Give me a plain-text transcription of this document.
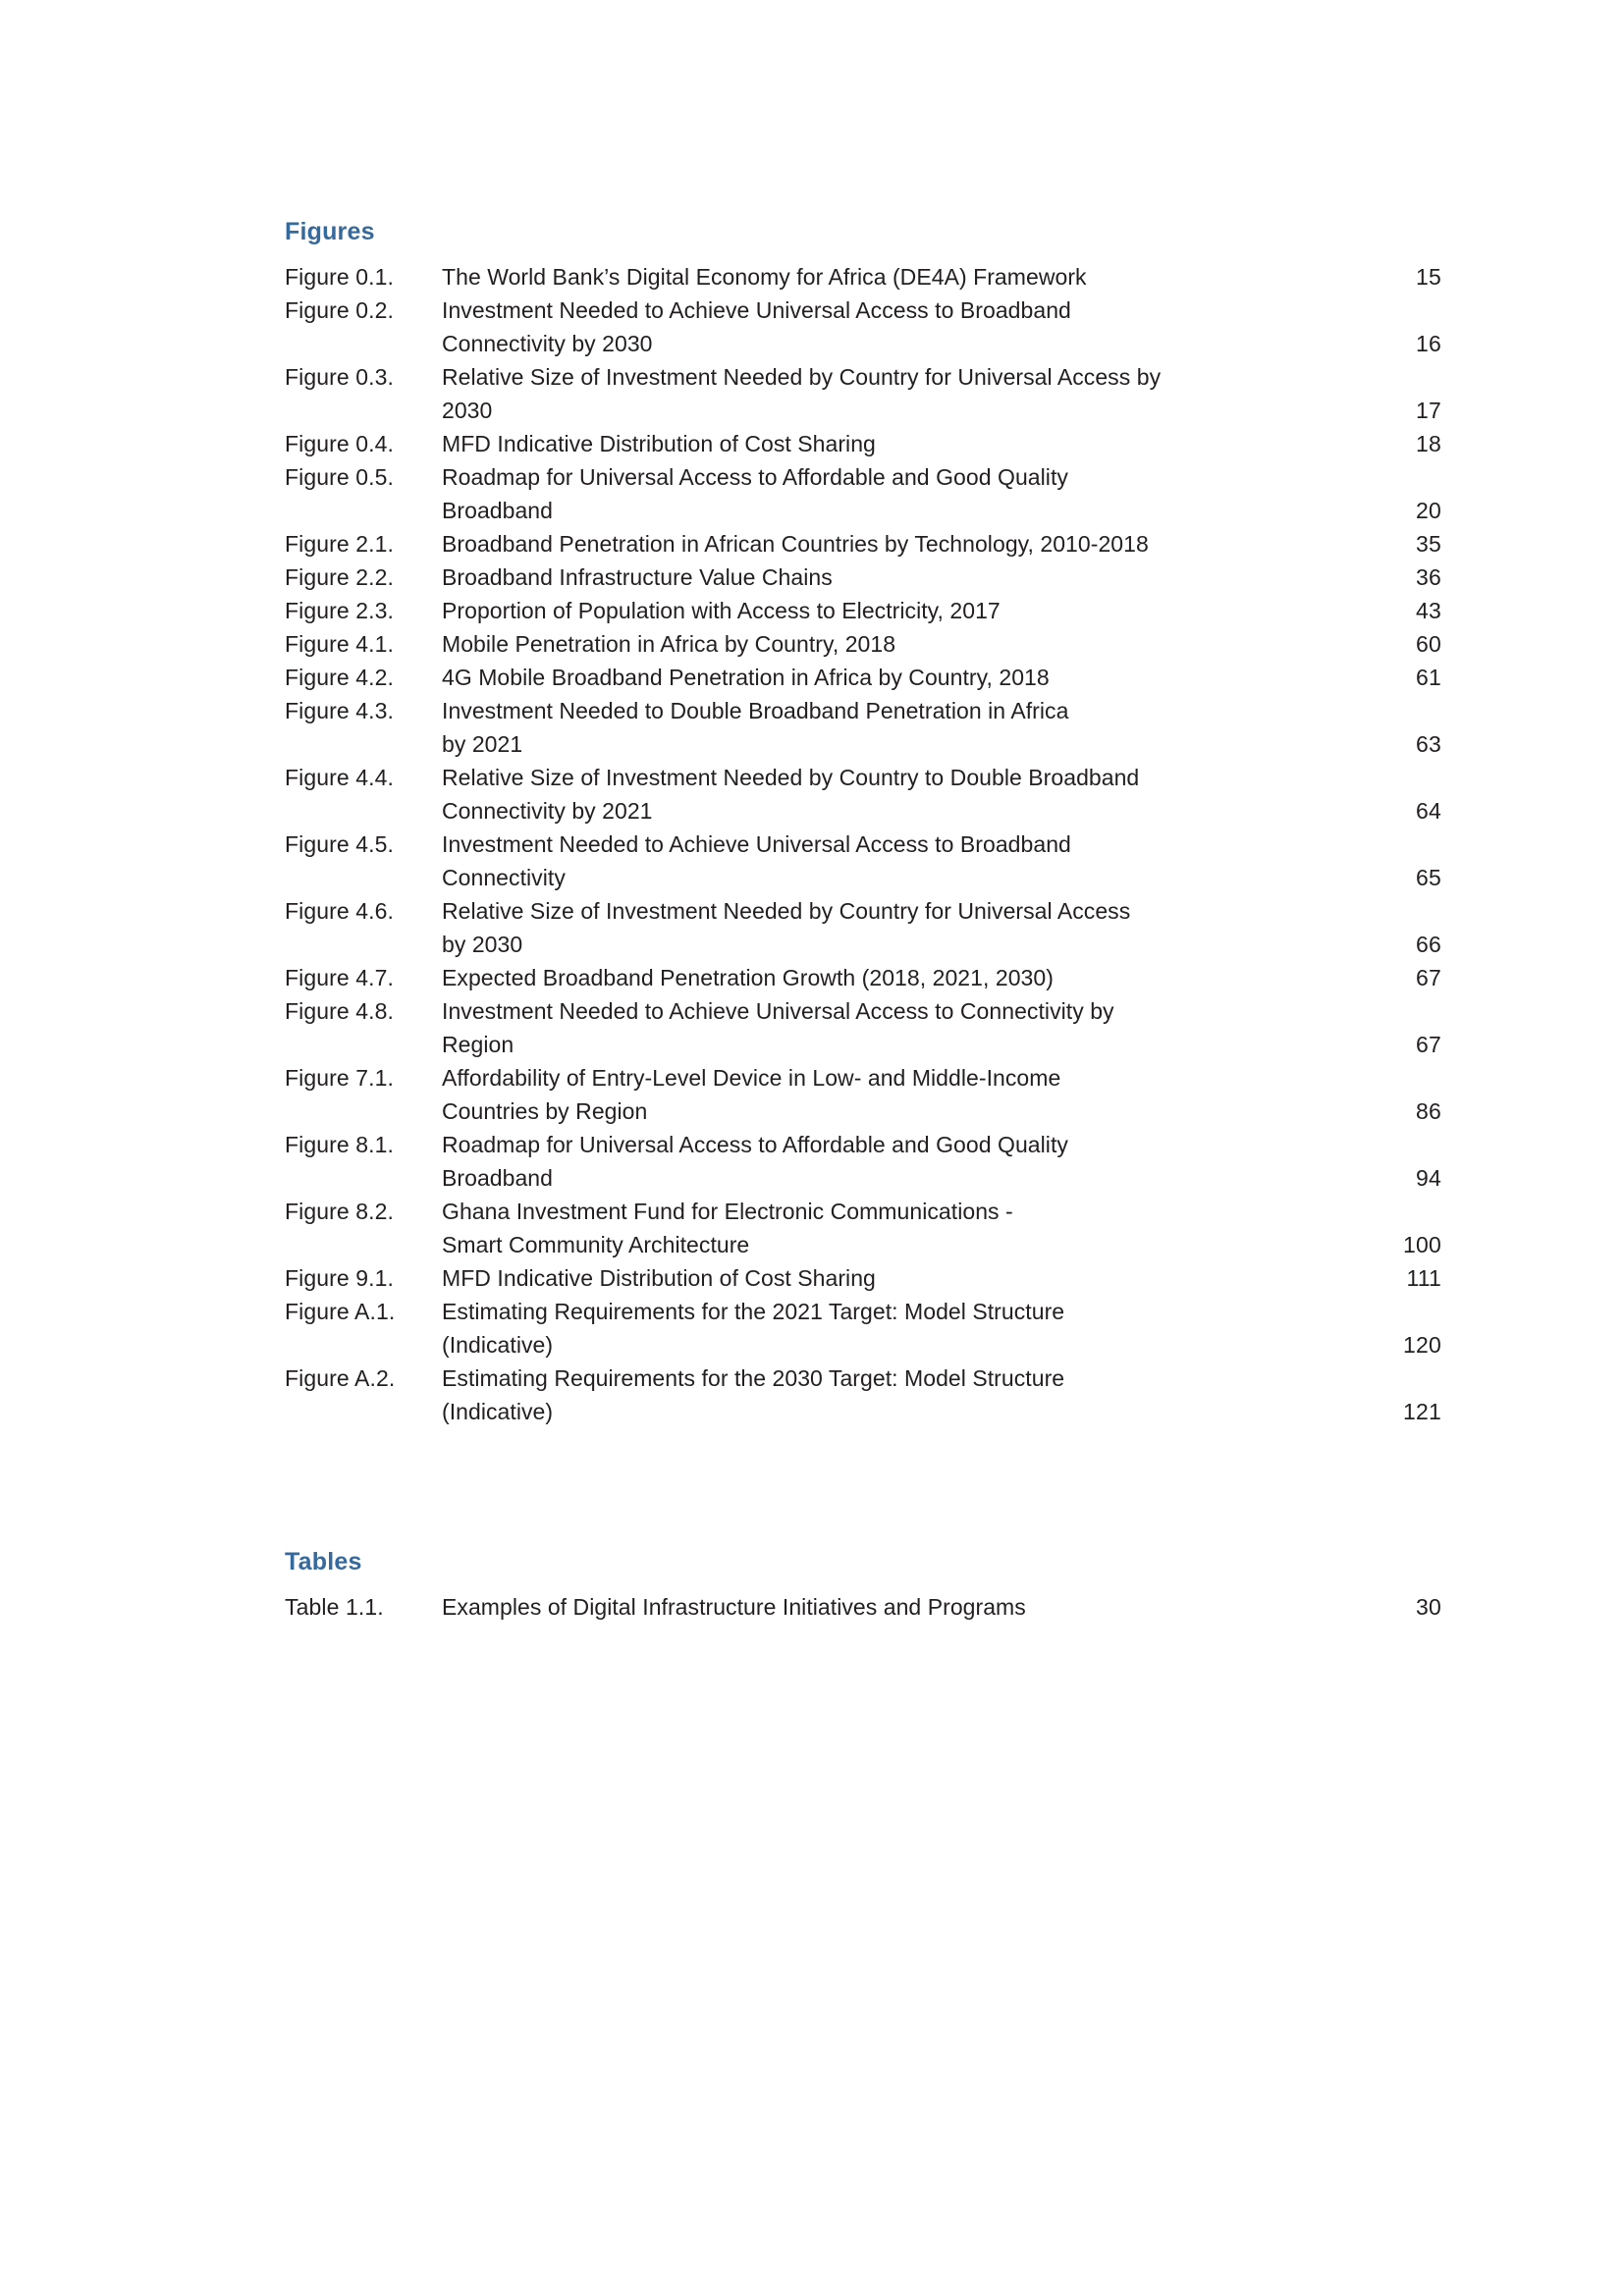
Figures
Figure 0.1.	The World Bank’s Digital Economy for Africa (DE4A) Framework .....	15
Figure 0.2.	Investment Needed to Achieve Universal Access to Broadband
Connectivity by 2030 .....	16
Figure 0.3.	Relative Size of Investment Needed by Country for Universal Access by
2030 .....	17
Figure 0.4.	MFD Indicative Distribution of Cost Sharing .....	18
Figure 0.5.	Roadmap for Universal Access to Affordable and Good Quality
Broadband .....	20
Figure 2.1.	Broadband Penetration in African Countries by Technology, 2010-2018 .....	35
Figure 2.2.	Broadband Infrastructure Value Chains .....	36
Figure 2.3.	Proportion of Population with Access to Electricity, 2017 .....	43
Figure 4.1.	Mobile Penetration in Africa by Country, 2018 .....	60
Figure 4.2.	4G Mobile Broadband Penetration in Africa by Country, 2018 .....	61
Figure 4.3.	Investment Needed to Double Broadband Penetration in Africa
by 2021 .....	63
Figure 4.4.	Relative Size of Investment Needed by Country to Double Broadband
Connectivity by 2021 .....	64
Figure 4.5.	Investment Needed to Achieve Universal Access to Broadband
Connectivity .....	65
Figure 4.6.	Relative Size of Investment Needed by Country for Universal Access
by 2030 .....	66
Figure 4.7.	Expected Broadband Penetration Growth (2018, 2021, 2030) .....	67
Figure 4.8.	Investment Needed to Achieve Universal Access to Connectivity by
Region .....	67
Figure 7.1.	Affordability of Entry-Level Device in Low- and Middle-Income
Countries by Region .....	86
Figure 8.1.	Roadmap for Universal Access to Affordable and Good Quality
Broadband .....	94
Figure 8.2.	Ghana Investment Fund for Electronic Communications -
Smart Community Architecture .....	100
Figure 9.1.	MFD Indicative Distribution of Cost Sharing .....	111
Figure A.1.	Estimating Requirements for the 2021 Target: Model Structure
(Indicative) .....	120
Figure A.2.	Estimating Requirements for the 2030 Target: Model Structure
(Indicative) .....	121
Tables
Table 1.1.	Examples of Digital Infrastructure Initiatives and Programs .....	30
